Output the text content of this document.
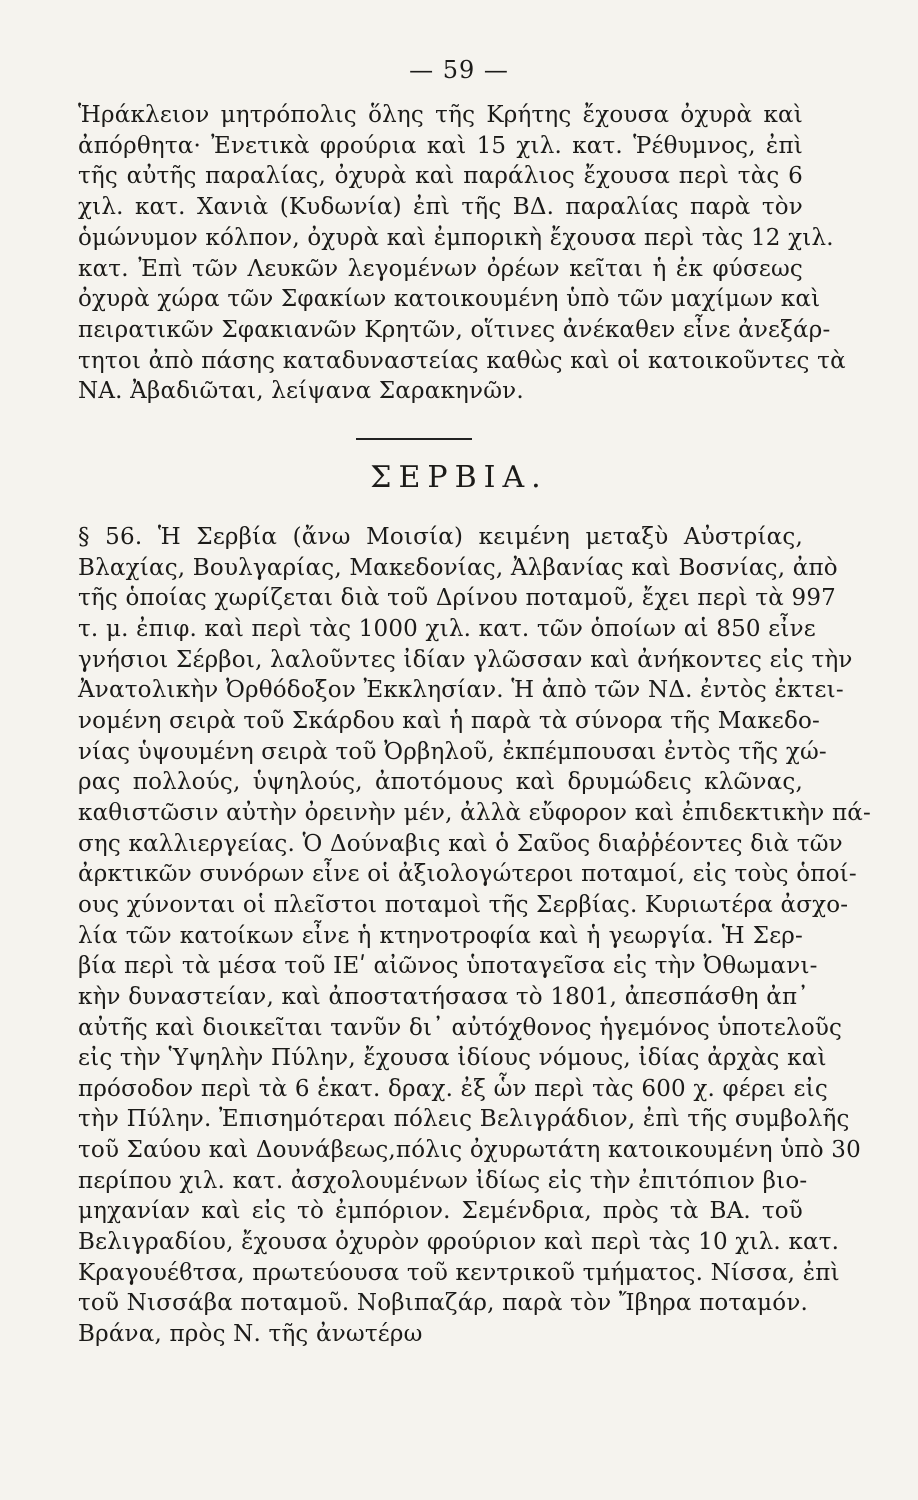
— 59 —
Ἡράκλειον μητρόπολις ὅλης τῆς Κρήτης ἔχουσα ὀχυρὰ καὶ
ἀπόρθητα· Ἐνετικὰ φρούρια καὶ 15 χιλ. κατ. Ῥέθυμνος, ἐπὶ
τῆς αὐτῆς παραλίας, ὀχυρὰ καὶ παράλιος ἔχουσα περὶ τὰς 6
χιλ. κατ. Χανιὰ (Κυδωνία) ἐπὶ τῆς ΒΔ. παραλίας παρὰ τὸν
ὁμώνυμον κόλπον, ὀχυρὰ καὶ ἐμπορικὴ ἔχουσα περὶ τὰς 12 χιλ.
κατ. Ἐπὶ τῶν Λευκῶν λεγομένων ὀρέων κεῖται ἡ ἐκ φύσεως
ὀχυρὰ χώρα τῶν Σφακίων κατοικουμένη ὑπὸ τῶν μαχίμων καὶ
πειρατικῶν Σφακιανῶν Κρητῶν, οἵτινες ἀνέκαθεν εἶνε ἀνεξάρ-
τητοι ἀπὸ πάσης καταδυναστείας καθὼς καὶ οἱ κατοικοῦντες τὰ
ΝΑ. Ἀβαδιῶται, λείψανα Σαρακηνῶν.
ΣΕΡΒΙΑ.
§ 56. Ἡ Σερβία (ἄνω Μοισία) κειμένη μεταξὺ Αὐστρίας,
Βλαχίας, Βουλγαρίας, Μακεδονίας, Ἀλβανίας καὶ Βοσνίας, ἀπὸ
τῆς ὁποίας χωρίζεται διὰ τοῦ Δρίνου ποταμοῦ, ἔχει περὶ τὰ 997
τ. μ. ἐπιφ. καὶ περὶ τὰς 1000 χιλ. κατ. τῶν ὁποίων αἱ 850 εἶνε
γνήσιοι Σέρβοι, λαλοῦντες ἰδίαν γλῶσσαν καὶ ἀνήκοντες εἰς τὴν
Ἀνατολικὴν Ὀρθόδοξον Ἐκκλησίαν. Ἡ ἀπὸ τῶν ΝΔ. ἐντὸς ἐκτει-
νομένη σειρὰ τοῦ Σκάρδου καὶ ἡ παρὰ τὰ σύνορα τῆς Μακεδο-
νίας ὑψουμένη σειρὰ τοῦ Ὀρβηλοῦ, ἐκπέμπουσαι ἐντὸς τῆς χώ-
ρας πολλούς, ὑψηλούς, ἀποτόμους καὶ δρυμώδεις κλῶνας,
καθιστῶσιν αὐτὴν ὀρεινὴν μέν, ἀλλὰ εὔφορον καὶ ἐπιδεκτικὴν πά-
σης καλλιεργείας. Ὁ Δούναβις καὶ ὁ Σαῦος διαῤῥέοντες διὰ τῶν
ἀρκτικῶν συνόρων εἶνε οἱ ἀξιολογώτεροι ποταμοί, εἰς τοὺς ὁποί-
ους χύνονται οἱ πλεῖστοι ποταμοὶ τῆς Σερβίας. Κυριωτέρα ἀσχο-
λία τῶν κατοίκων εἶνε ἡ κτηνοτροφία καὶ ἡ γεωργία. Ἡ Σερ-
βία περὶ τὰ μέσα τοῦ ΙΕʹ αἰῶνος ὑποταγεῖσα εἰς τὴν Ὀθωμανι-
κὴν δυναστείαν, καὶ ἀποστατήσασα τὸ 1801, ἀπεσπάσθη ἀπ᾽
αὐτῆς καὶ διοικεῖται τανῦν δι᾽ αὐτόχθονος ἡγεμόνος ὑποτελοῦς
εἰς τὴν Ὑψηλὴν Πύλην, ἔχουσα ἰδίους νόμους, ἰδίας ἀρχὰς καὶ
πρόσοδον περὶ τὰ 6 ἑκατ. δραχ. ἐξ ὧν περὶ τὰς 600 χ. φέρει εἰς
τὴν Πύλην. Ἐπισημότεραι πόλεις Βελιγράδιον, ἐπὶ τῆς συμβολῆς
τοῦ Σαύου καὶ Δουνάβεως,πόλις ὀχυρωτάτη κατοικουμένη ὑπὸ 30
περίπου χιλ. κατ. ἀσχολουμένων ἰδίως εἰς τὴν ἐπιτόπιον βιο-
μηχανίαν καὶ εἰς τὸ ἐμπόριον. Σεμένδρια, πρὸς τὰ ΒΑ. τοῦ
Βελιγραδίου, ἔχουσα ὀχυρὸν φρούριον καὶ περὶ τὰς 10 χιλ. κατ.
Κραγουέϐτσα, πρωτεύουσα τοῦ κεντρικοῦ τμήματος. Νίσσα, ἐπὶ
τοῦ Νισσάβα ποταμοῦ. Νοβιπαζάρ, παρὰ τὸν Ἴβηρα ποταμόν.
Βράνα, πρὸς Ν. τῆς ἀνωτέρω
